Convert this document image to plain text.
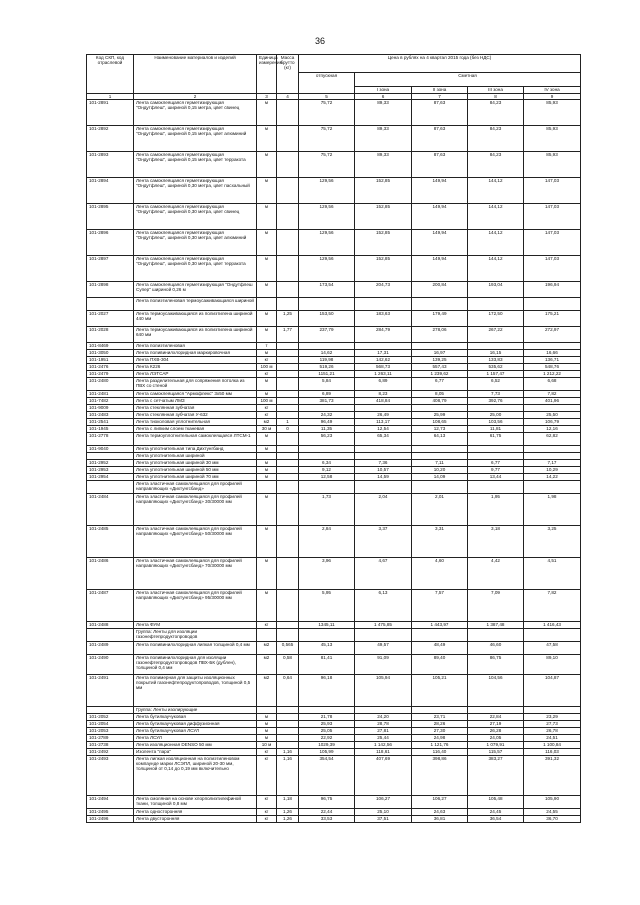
36
Код СКП, код отраслевой	Наименование материалов и изделий	Единица измерения	Масса брутто (кг)	Цена в рублях на 4 квартал 2015 года (без НДС)				
				отпускная	Сметная			
					I зона	II зона	III зона	IV зона
1	2	3	4	5	6	7	8	9
101-2891	Лента самоклеящаяся герметизирующая "Ондутфлеш", шириной 0,15 метра, цвет свинец	м		75,72	89,33	87,63	84,23	85,93
101-2892	Лента самоклеящаяся герметизирующая "Ондутфлеш", шириной 0,15 метра, цвет алюминий	м		75,72	89,33	87,63	84,23	85,93
101-2893	Лента самоклеящаяся герметизирующая "Ондутфлеш", шириной 0,15 метра, цвет терракота	м		75,72	89,33	87,63	84,23	85,93
101-2894	Лента самоклеящаяся герметизирующая "Ондутфлеш", шириной 0,30 метра, цвет пасхальный	м		129,56	152,85	149,94	144,12	147,03
101-2895	Лента самоклеящаяся герметизирующая "Ондутфлеш", шириной 0,30 метра, цвет свинец	м		129,56	152,85	149,94	144,12	147,03
101-2896	Лента самоклеящаяся герметизирующая "Ондутфлеш", шириной 0,30 метра, цвет алюминий	м		129,56	152,85	149,94	144,12	147,03
101-2897	Лента самоклеящаяся герметизирующая "Ондутфлеш", шириной 0,30 метра, цвет терракота	м		129,56	152,85	149,94	144,12	147,03
101-2898	Лента самоклеящаяся герметизирующая "Ондутфлеш Супер" шириной 0,26 м	м		173,54	204,73	200,84	193,04	196,94
	Лента полиэтиленовая термоусаживающаяся шириной							
101-2027	Лента термоусаживающаяся из полиэтилена шириной 440 мм	м	1,25	153,50	183,63	179,49	172,50	175,21
101-2028	Лента термоусаживающаяся из полиэтилена шириной 640 мм	м	1,77	237,79	284,79	278,06	267,22	272,97
101-8469	Лента полиэтиленовая	т						
101-3050	Лента поливинилхлоридная маркировочная	м		14,62	17,31	16,97	16,15	16,66
101-1951	Лента ПХВ-304	кг		119,98	142,62	139,25	133,83	136,71
101-2476	Лента К226	100 м		519,26	568,73	557,43	535,62	548,76
101-2479	Лента ЛЭТСАР	кг		1151,21	1 263,11	1 239,62	1 157,47	1 212,22
101-2480	Лента разделительная для сопряжения потолка из ПВХ со стеной	м		5,84	6,89	6,77	6,52	6,68
101-2481	Лента самоклеящаяся "Армофлекс" 3х50 мм	м		6,89	8,23	8,05	7,73	7,82
101-7482	Лента с сетчатым ЛМЗ	100 м		381,73	418,84	408,79	392,76	401,96
101-9009	Лента стеклянная зубчатая	кг						
101-2483	Лента стеклянная зубчатая У-632	кг		24,32	26,49	25,99	25,00	25,50
101-2541	Лента тиоколовая уплотнительная	м2	1	96,49	113,17	108,65	103,56	106,79
101-1945	Лента с липким слоем тканевая	30 м	0	11,35	12,54	12,73	11,81	12,16
101-2778	Лента термоуплотнительная самоклеящаяся ЛТСМ-1	м		56,23	65,34	64,13	61,75	62,82
101-9040	Лента уплотнительная типа Дихтунгбанд	м						
	Лента уплотнительная шириной							
101-2952	Лента уплотнительная шириной 30 мм	м		6,34	7,36	7,11	6,77	7,17
101-2953	Лента уплотнительная шириной 50 мм	м		9,12	10,57	10,20	9,77	10,29
101-2954	Лента уплотнительная шириной 70 мм	м		12,58	14,59	14,09	13,44	14,22
	Лента эластичная самоклеящаяся для профилей направляющих «Дихтунгсбанд»							
101-2484	Лента эластичная самоклеящаяся для профилей направляющих «Дихтунгсбанд» 30/30000 мм	м		1,73	2,04	2,01	1,95	1,98
101-2485	Лента эластичная самоклеящаяся для профилей направляющих «Дихтунгсбанд» 50/30000 мм	м		2,84	3,37	3,31	3,18	3,25
101-2486	Лента эластичная самоклеящаяся для профилей направляющих «Дихтунгсбанд» 70/30000 мм	м		3,96	4,67	4,60	4,42	4,51
101-2487	Лента эластичная самоклеящаяся для профилей направляющих «Дихтунгсбанд» 95/30000 мм	м		5,95	6,13	7,57	7,09	7,82
101-2488	Лента ФУМ	кг		1345,11	1 475,85	1 443,97	1 387,48	1 416,43
	Группа: Ленты для изоляции газонефтепродуктопроводов							
101-2489	Лента поливинилхлоридная липкая толщиной 0,4 мм	м2	0,565	45,13	49,57	48,49	46,60	47,58
101-2490	Лента поливинилхлоридная для изоляции газонефтепродуктопроводов ПВХ-БК (дублен), толщиной 0,4 мм	м2	0,58	81,41	91,09	89,40	86,75	89,10
101-2491	Лента полимерная для защиты изоляционных покрытий газонефтепродуктопроводов, толщиной 0,5 мм	м2	0,64	96,18	105,94	105,21	104,56	104,87
	Группа: Ленты изолирующие							
101-2052	Лента бутилкаучуковая	м		21,78	24,20	23,71	22,84	23,29
101-2054	Лента бутилкаучуковая диффузионная	м		25,93	28,78	28,26	27,19	27,73
101-2053	Лента бутилкаучуковая ЛСУЛ	м		25,05	27,81	27,30	26,28	26,78
101-2789	Лента ЛСУЛ	м		22,92	25,44	24,98	24,05	24,51
101-2738	Лента изоляционная DENSO 50 мм	10 м		1029,39	1 142,56	1 121,76	1 079,91	1 100,84
101-2492	Изолента "пара"	кг	1,16	105,99	118,61	116,40	115,57	116,03
101-2493	Лента липкая изоляционная на полиэтиленовом компаунде марки ЛСЭПЛ, шириной 20-30 мм, толщиной от 0,14 до 0,19 мм включительно	кг	1,16	354,54	407,69	398,86	383,27	391,32
101-2494	Лента смоляная на основе хлорполиэтилефиной ткани, толщиной 0,8 мм	кг	1,18	96,75	106,27	106,27	105,48	105,90
101-2495	Лента односторонняя	кг	1,26	22,44	25,10	24,63	24,45	24,55
101-2496	Лента двусторонняя	кг	1,26	33,53	37,51	36,81	36,54	36,70
